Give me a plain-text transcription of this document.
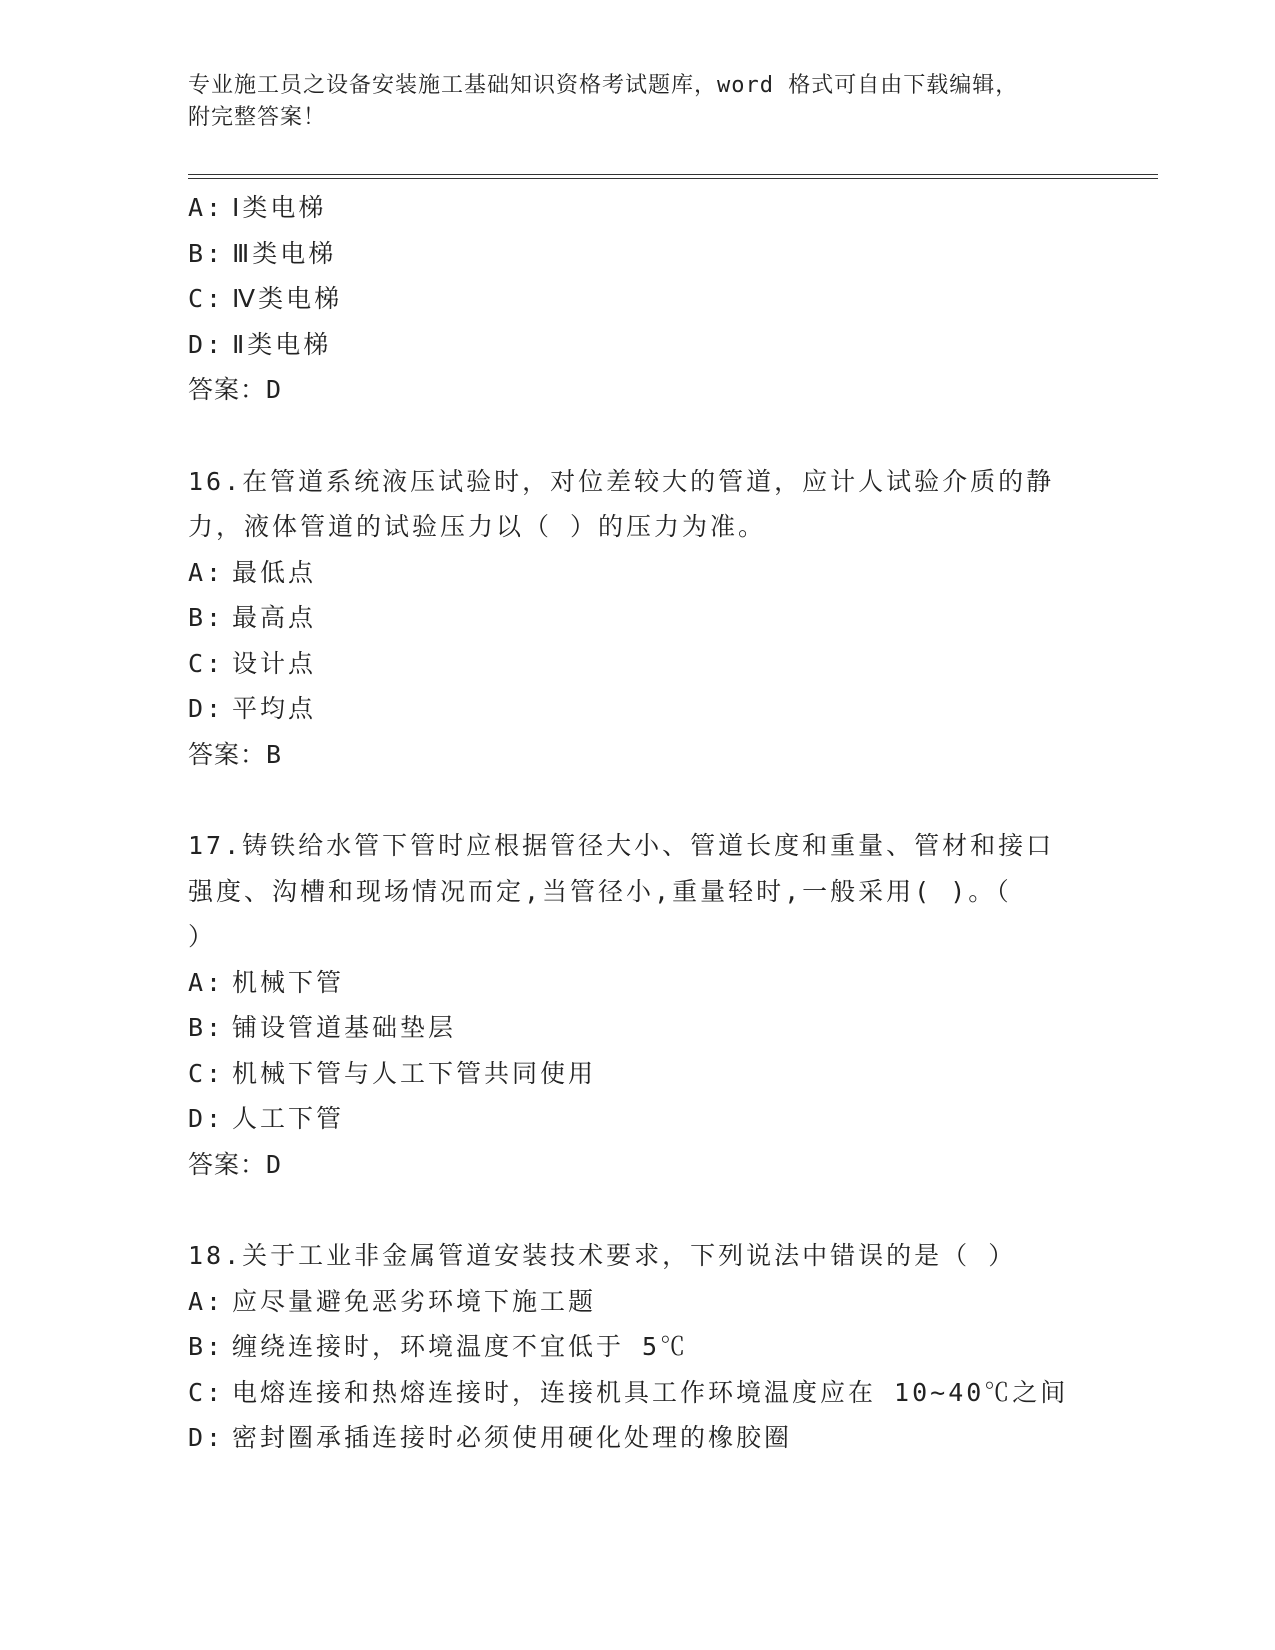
专业施工员之设备安装施工基础知识资格考试题库，word 格式可自由下载编辑，

附完整答案！

A: Ⅰ类电梯
B: Ⅲ类电梯
C: Ⅳ类电梯
D: Ⅱ类电梯
答案：D
16.在管道系统液压试验时，对位差较大的管道，应计人试验介质的静
力，液体管道的试验压力以（ ）的压力为准。
A: 最低点
B: 最高点
C: 设计点
D: 平均点
答案：B
17.铸铁给水管下管时应根据管径大小、管道长度和重量、管材和接口
强度、沟槽和现场情况而定,当管径小,重量轻时,一般采用( )。（
）
A: 机械下管
B: 铺设管道基础垫层
C: 机械下管与人工下管共同使用
D: 人工下管
答案：D
18.关于工业非金属管道安装技术要求，下列说法中错误的是（ ）
A: 应尽量避免恶劣环境下施工题
B: 缠绕连接时，环境温度不宜低于 5℃
C: 电熔连接和热熔连接时，连接机具工作环境温度应在 10~40℃之间
D: 密封圈承插连接时必须使用硬化处理的橡胶圈
